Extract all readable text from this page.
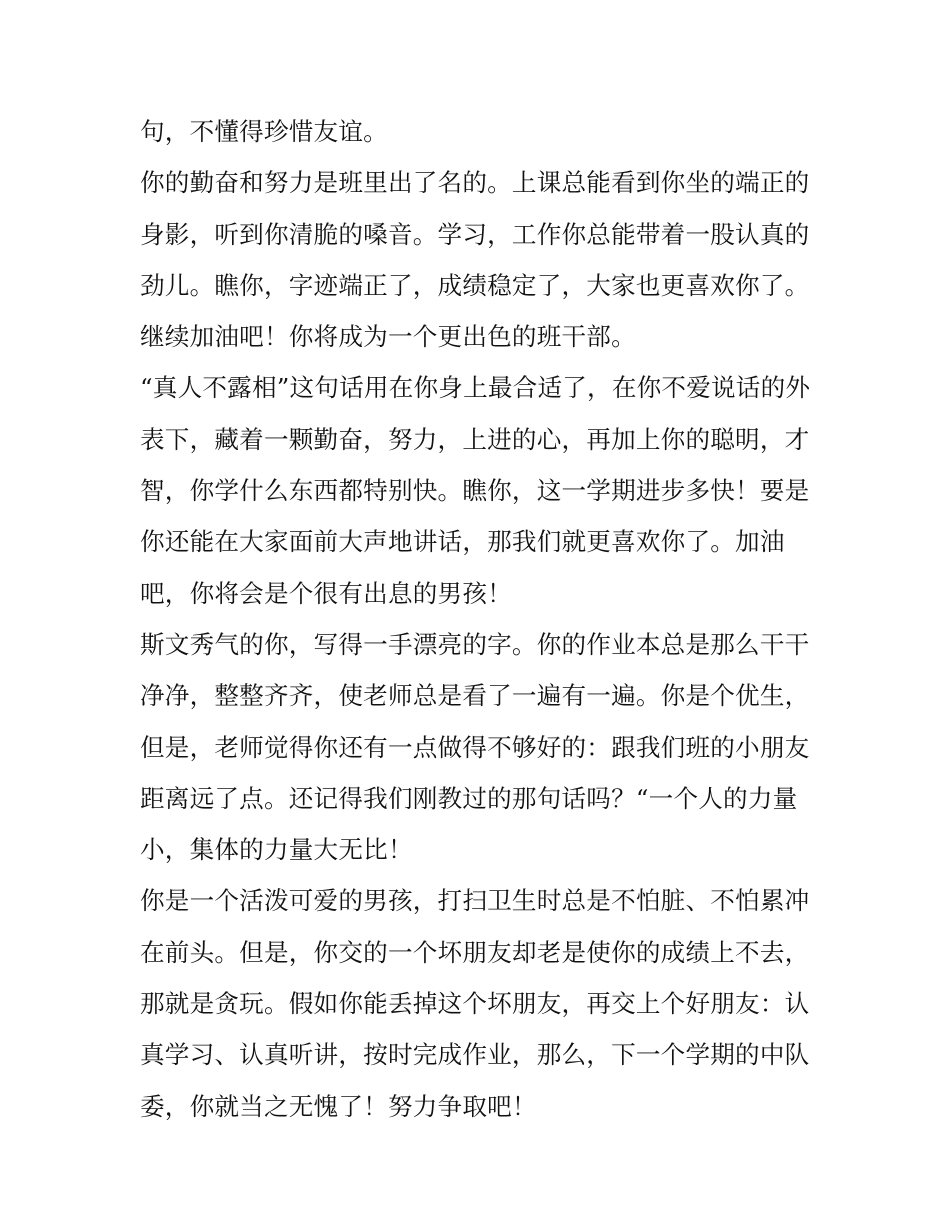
句，不懂得珍惜友谊。
你的勤奋和努力是班里出了名的。上课总能看到你坐的端正的
身影，听到你清脆的嗓音。学习，工作你总能带着一股认真的
劲儿。瞧你，字迹端正了，成绩稳定了，大家也更喜欢你了。
继续加油吧！你将成为一个更出色的班干部。
“真人不露相”这句话用在你身上最合适了，在你不爱说话的外
表下，藏着一颗勤奋，努力，上进的心，再加上你的聪明，才
智，你学什么东西都特别快。瞧你，这一学期进步多快！要是
你还能在大家面前大声地讲话，那我们就更喜欢你了。加油
吧，你将会是个很有出息的男孩！
斯文秀气的你，写得一手漂亮的字。你的作业本总是那么干干
净净，整整齐齐，使老师总是看了一遍有一遍。你是个优生，
但是，老师觉得你还有一点做得不够好的：跟我们班的小朋友
距离远了点。还记得我们刚教过的那句话吗？“一个人的力量
小，集体的力量大无比！
你是一个活泼可爱的男孩，打扫卫生时总是不怕脏、不怕累冲
在前头。但是，你交的一个坏朋友却老是使你的成绩上不去，
那就是贪玩。假如你能丢掉这个坏朋友，再交上个好朋友：认
真学习、认真听讲，按时完成作业，那么，下一个学期的中队
委，你就当之无愧了！努力争取吧！
